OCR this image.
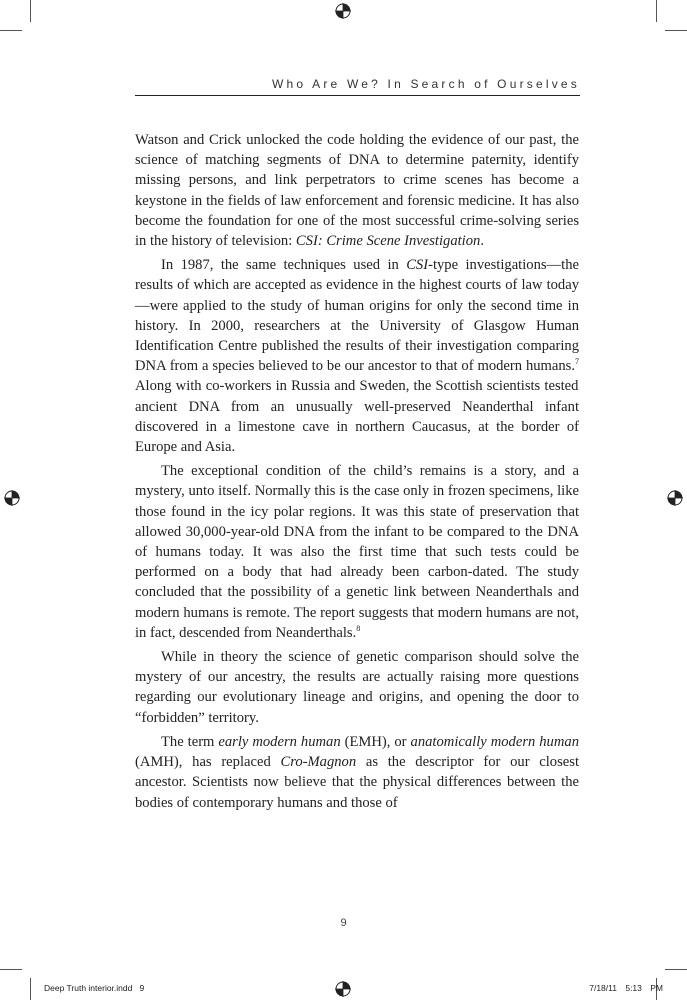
Who Are We? In Search of Ourselves

Watson and Crick unlocked the code holding the evidence of our past, the science of matching segments of DNA to determine paternity, identify missing persons, and link perpetrators to crime scenes has become a keystone in the fields of law enforcement and forensic medicine. It has also become the foundation for one of the most successful crime-solving series in the history of television: CSI: Crime Scene Investigation.

In 1987, the same techniques used in CSI-type investigations—the results of which are accepted as evidence in the highest courts of law today—were applied to the study of human origins for only the second time in history. In 2000, researchers at the University of Glasgow Human Identification Centre published the results of their investigation comparing DNA from a species believed to be our ancestor to that of modern humans.$^7$ Along with co-workers in Russia and Sweden, the Scottish scientists tested ancient DNA from an unusually well-preserved Neanderthal infant discovered in a limestone cave in northern Caucasus, at the border of Europe and Asia.

The exceptional condition of the child’s remains is a story, and a mystery, unto itself. Normally this is the case only in frozen specimens, like those found in the icy polar regions. It was this state of preservation that allowed 30,000-year-old DNA from the infant to be compared to the DNA of humans today. It was also the first time that such tests could be performed on a body that had already been carbon-dated. The study concluded that the possibility of a genetic link between Neanderthals and modern humans is remote. The report suggests that modern humans are not, in fact, descended from Neanderthals.$^8$

While in theory the science of genetic comparison should solve the mystery of our ancestry, the results are actually raising more questions regarding our evolutionary lineage and origins, and opening the door to “forbidden” territory.

The term early modern human (EMH), or anatomically modern human (AMH), has replaced Cro-Magnon as the descriptor for our closest ancestor. Scientists now believe that the physical differences between the bodies of contemporary humans and those of

9
Deep Truth interior.indd   9	7/18/11 5:13 PM
